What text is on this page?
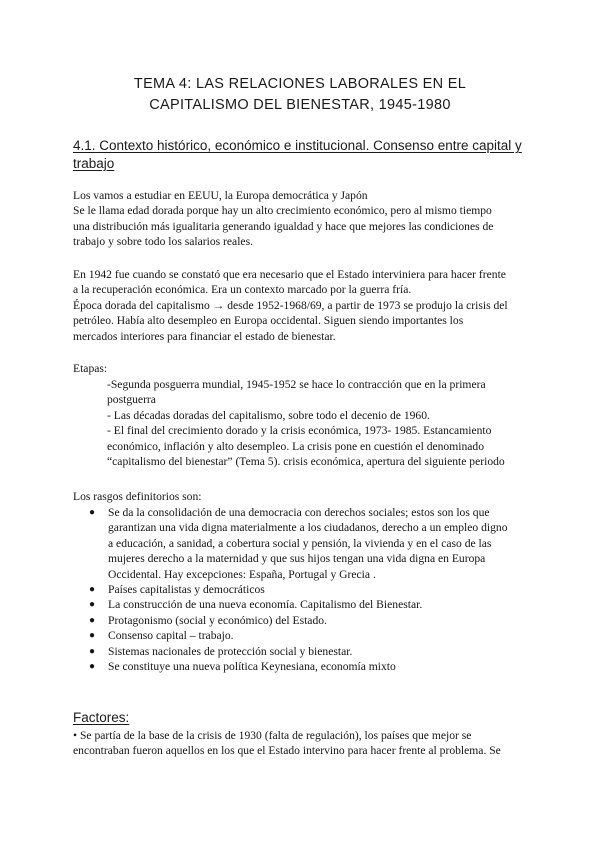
TEMA 4: LAS RELACIONES LABORALES EN EL
CAPITALISMO DEL BIENESTAR, 1945-1980
4.1. Contexto histórico, económico e institucional. Consenso entre capital y
trabajo
Los vamos a estudiar en EEUU, la Europa democrática y Japón
Se le llama edad dorada porque hay un alto crecimiento económico, pero al mismo tiempo
una distribución más igualitaria generando igualdad y hace que mejores las condiciones de
trabajo y sobre todo los salarios reales.
En 1942 fue cuando se constató que era necesario que el Estado interviniera para hacer frente
a la recuperación económica. Era un contexto marcado por la guerra fría.
Época dorada del capitalismo → desde 1952-1968/69, a partir de 1973 se produjo la crisis del
petróleo. Había alto desempleo en Europa occidental. Siguen siendo importantes los
mercados interiores para financiar el estado de bienestar.
Etapas:
-Segunda posguerra mundial, 1945-1952 se hace lo contracción que en la primera
postguerra
- Las décadas doradas del capitalismo, sobre todo el decenio de 1960.
- El final del crecimiento dorado y la crisis económica, 1973- 1985. Estancamiento
económico, inflación y alto desempleo. La crisis pone en cuestión el denominado
“capitalismo del bienestar” (Tema 5). crisis económica, apertura del siguiente periodo
Los rasgos definitorios son:
● Se da la consolidación de una democracia con derechos sociales; estos son los que
garantizan una vida digna materialmente a los ciudadanos, derecho a un empleo digno
a educación, a sanidad, a cobertura social y pensión, la vivienda y en el caso de las
mujeres derecho a la maternidad y que sus hijos tengan una vida digna en Europa
Occidental. Hay excepciones: España, Portugal y Grecia .
● Países capitalistas y democráticos
● La construcción de una nueva economía. Capitalismo del Bienestar.
● Protagonismo (social y económico) del Estado.
● Consenso capital – trabajo.
● Sistemas nacionales de protección social y bienestar.
● Se constituye una nueva política Keynesiana, economía mixto
Factores:
• Se partía de la base de la crisis de 1930 (falta de regulación), los países que mejor se
encontraban fueron aquellos en los que el Estado intervino para hacer frente al problema. Se
